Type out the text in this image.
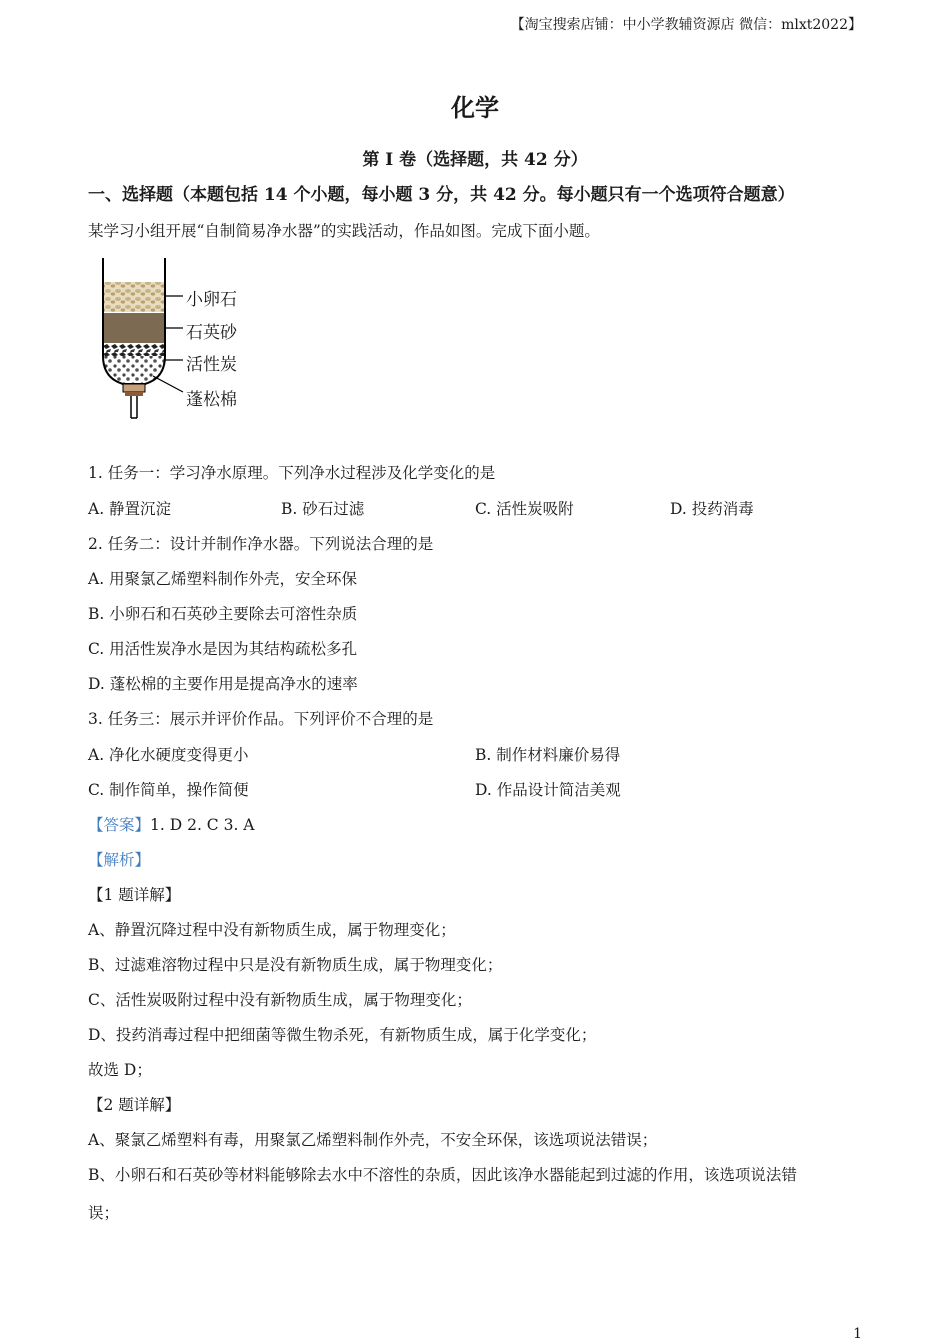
【淘宝搜索店铺：中小学教辅资源店 微信：mlxt2022】
化学
第 I 卷（选择题，共 42 分）
一、选择题（本题包括 14 个小题，每小题 3 分，共 42 分。每小题只有一个选项符合题意）
某学习小组开展“自制简易净水器”的实践活动，作品如图。完成下面小题。
小卵石
石英砂
活性炭
蓬松棉
1. 任务一：学习净水原理。下列净水过程涉及化学变化的是
A. 静置沉淀	B. 砂石过滤	C. 活性炭吸附	D. 投药消毒
2. 任务二：设计并制作净水器。下列说法合理的是
A. 用聚氯乙烯塑料制作外壳，安全环保
B. 小卵石和石英砂主要除去可溶性杂质
C. 用活性炭净水是因为其结构疏松多孔
D. 蓬松棉的主要作用是提高净水的速率
3. 任务三：展示并评价作品。下列评价不合理的是
A. 净化水硬度变得更小	B. 制作材料廉价易得
C. 制作简单，操作简便	D. 作品设计简洁美观
【答案】1. D 2. C 3. A
【解析】
【1 题详解】
A、静置沉降过程中没有新物质生成，属于物理变化；
B、过滤难溶物过程中只是没有新物质生成，属于物理变化；
C、活性炭吸附过程中没有新物质生成，属于物理变化；
D、投药消毒过程中把细菌等微生物杀死，有新物质生成，属于化学变化；
故选 D；
【2 题详解】
A、聚氯乙烯塑料有毒，用聚氯乙烯塑料制作外壳，不安全环保，该选项说法错误；
B、小卵石和石英砂等材料能够除去水中不溶性的杂质，因此该净水器能起到过滤的作用，该选项说法错
误；
1
